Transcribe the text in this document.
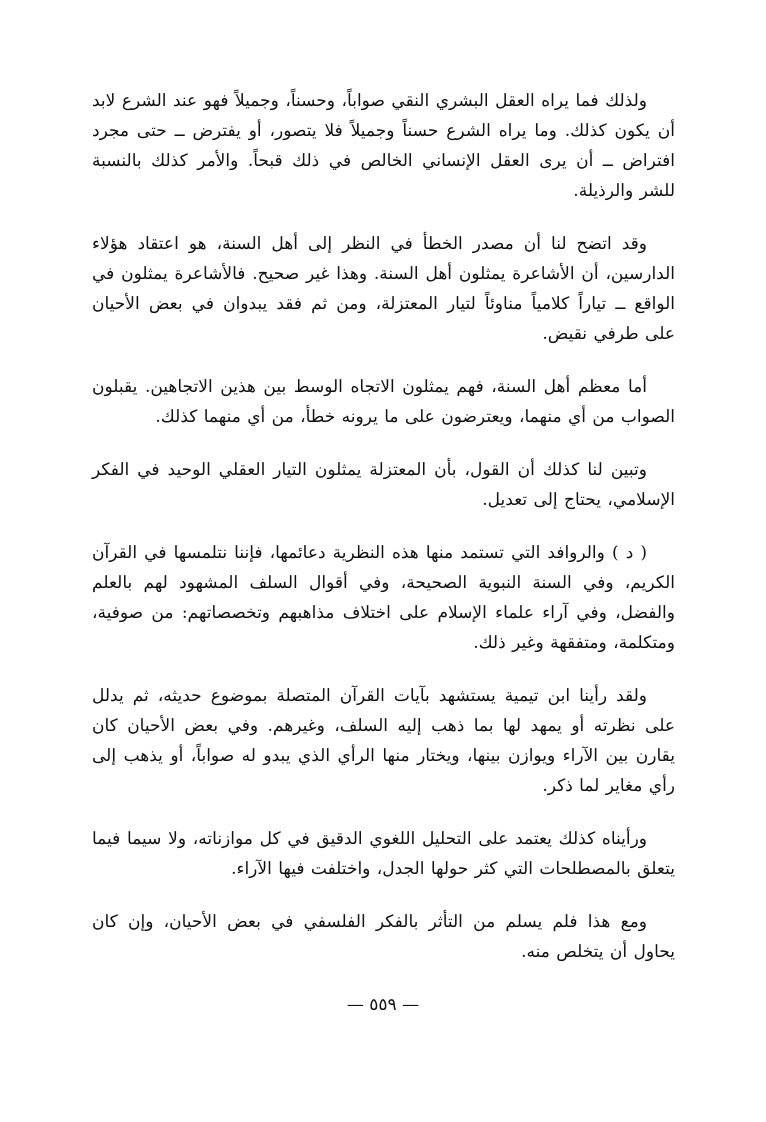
ولذلك فما يراه العقل البشري النقي صواباً، وحسناً، وجميلاً فهو عند الشرع لابد أن يكون كذلك. وما يراه الشرع حسناً وجميلاً فلا يتصور، أو يفترض ــ حتى مجرد افتراض ــ أن يرى العقل الإنساني الخالص في ذلك قبحاً. والأمر كذلك بالنسبة للشر والرذيلة.

وقد اتضح لنا أن مصدر الخطأ في النظر إلى أهل السنة، هو اعتقاد هؤلاء الدارسين، أن الأشاعرة يمثلون أهل السنة. وهذا غير صحيح. فالأشاعرة يمثلون في الواقع ــ تياراً كلامياً مناوئاً لتيار المعتزلة، ومن ثم فقد يبدوان في بعض الأحيان على طرفي نقيض.

أما معظم أهل السنة، فهم يمثلون الاتجاه الوسط بين هذين الاتجاهين. يقبلون الصواب من أي منهما، ويعترضون على ما يرونه خطأ، من أي منهما كذلك.

وتبين لنا كذلك أن القول، بأن المعتزلة يمثلون التيار العقلي الوحيد في الفكر الإسلامي، يحتاج إلى تعديل.

( د ) والروافد التي تستمد منها هذه النظرية دعائمها، فإننا نتلمسها في القرآن الكريم، وفي السنة النبوية الصحيحة، وفي أقوال السلف المشهود لهم بالعلم والفضل، وفي آراء علماء الإسلام على اختلاف مذاهبهم وتخصصاتهم: من صوفية، ومتكلمة، ومتفقهة وغير ذلك.

ولقد رأينا ابن تيمية يستشهد بآيات القرآن المتصلة بموضوع حديثه، ثم يدلل على نظرته أو يمهد لها بما ذهب إليه السلف، وغيرهم. وفي بعض الأحيان كان يقارن بين الآراء ويوازن بينها، ويختار منها الرأي الذي يبدو له صواباً، أو يذهب إلى رأي مغاير لما ذكر.

ورأيناه كذلك يعتمد على التحليل اللغوي الدقيق في كل موازناته، ولا سيما فيما يتعلق بالمصطلحات التي كثر حولها الجدل، واختلفت فيها الآراء.

ومع هذا فلم يسلم من التأثر بالفكر الفلسفي في بعض الأحيان، وإن كان يحاول أن يتخلص منه.

— ٥٥٩ —
